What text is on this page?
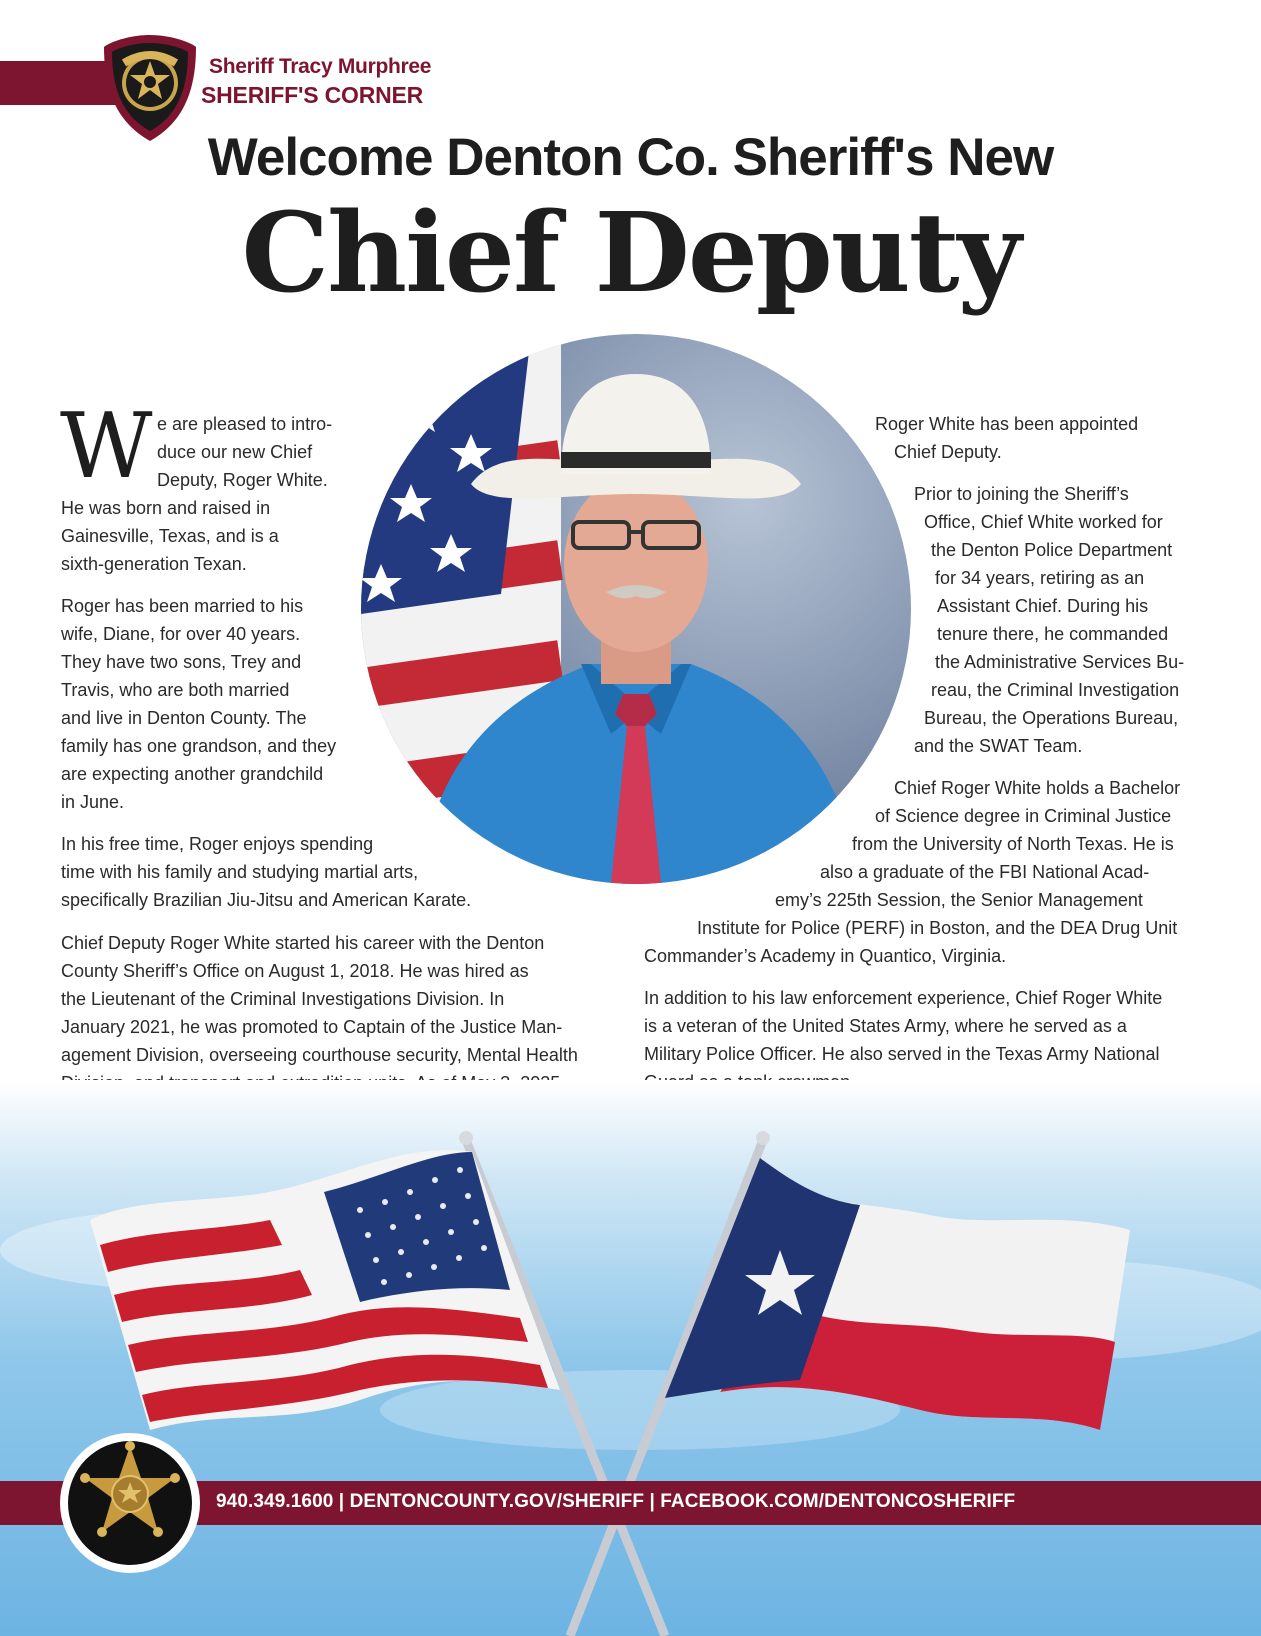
Sheriff Tracy Murphree
SHERIFF'S CORNER
Welcome Denton Co. Sheriff's New
Chief Deputy
W e are pleased to intro-
duce our new Chief
Deputy, Roger White.
He was born and raised in
Gainesville, Texas, and is a
sixth-generation Texan.
Roger has been married to his
wife, Diane, for over 40 years.
They have two sons, Trey and
Travis, who are both married
and live in Denton County. The
family has one grandson, and they
are expecting another grandchild
in June.
In his free time, Roger enjoys spending
time with his family and studying martial arts,
specifically Brazilian Jiu-Jitsu and American Karate.
Chief Deputy Roger White started his career with the Denton
County Sheriff’s Office on August 1, 2018. He was hired as
the Lieutenant of the Criminal Investigations Division. In
January 2021, he was promoted to Captain of the Justice Man-
agement Division, overseeing courthouse security, Mental Health
Roger White has been appointed
Chief Deputy.
Prior to joining the Sheriff’s
Office, Chief White worked for
the Denton Police Department
for 34 years, retiring as an
Assistant Chief. During his
tenure there, he commanded
the Administrative Services Bu-
reau, the Criminal Investigation
Bureau, the Operations Bureau,
and the SWAT Team.
Chief Roger White holds a Bachelor
of Science degree in Criminal Justice
from the University of North Texas. He is
also a graduate of the FBI National Acad-
emy’s 225th Session, the Senior Management
Institute for Police (PERF) in Boston, and the DEA Drug Unit
Commander’s Academy in Quantico, Virginia.
In addition to his law enforcement experience, Chief Roger White
is a veteran of the United States Army, where he served as a
Military Police Officer. He also served in the Texas Army National
940.349.1600 | DENTONCOUNTY.GOV/SHERIFF | FACEBOOK.COM/DENTONCOSHERIFF
